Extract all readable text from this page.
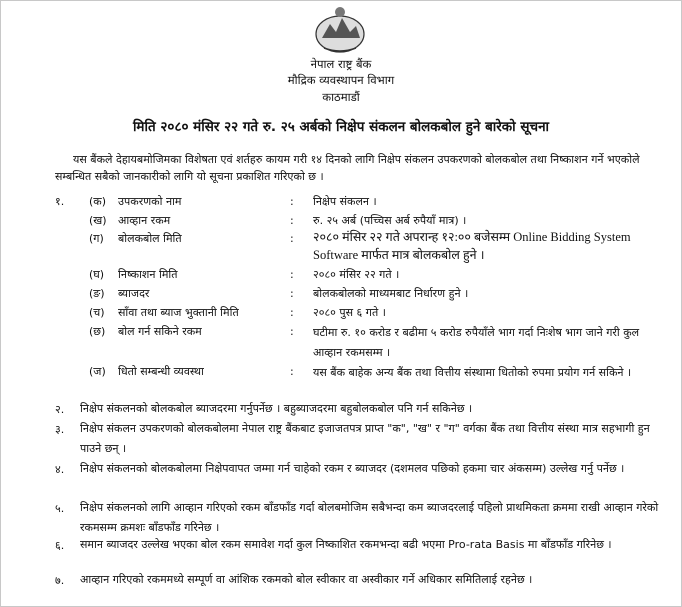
नेपाल राष्ट्र बैंक
मौद्रिक व्यवस्थापन विभाग
काठमाडौं
मिति २०८० मंसिर २२ गते रु. २५ अर्बको निक्षेप संकलन बोलकबोल हुने बारेको सूचना
यस बैंकले देहायबमोजिमका विशेषता एवं शर्तहरु कायम गरी १४ दिनको लागि निक्षेप संकलन उपकरणको बोलकबोल तथा निष्काशन गर्ने भएकोले सम्बन्धित सबैको जानकारीको लागि यो सूचना प्रकाशित गरिएको छ ।
१. (क) उपकरणको नाम	: निक्षेप संकलन ।
(ख) आव्हान रकम	: रु. २५ अर्ब (पच्चिस अर्ब रुपैयाँ मात्र) ।
(ग) बोलकबोल मिति	: २०८० मंसिर २२ गते अपरान्ह १२:०० बजेसम्म Online Bidding System Software मार्फत मात्र बोलकबोल हुने ।
(घ) निष्काशन मिति	: २०८० मंसिर २२ गते ।
(ङ) ब्याजदर	: बोलकबोलको माध्यमबाट निर्धारण हुने ।
(च) साँवा तथा ब्याज भुक्तानी मिति	: २०८० पुस ६ गते ।
(छ) बोल गर्न सकिने रकम	: घटीमा रु. १० करोड र बढीमा ५ करोड रुपैयाँले भाग गर्दा निःशेष भाग जाने गरी कुल आव्हान रकमसम्म ।
(ज) धितो सम्बन्धी व्यवस्था	: यस बैंक बाहेक अन्य बैंक तथा वित्तीय संस्थामा धितोको रुपमा प्रयोग गर्न सकिने ।
२. निक्षेप संकलनको बोलकबोल ब्याजदरमा गर्नुपर्नेछ । बहुब्याजदरमा बहुबोलकबोल पनि गर्न सकिनेछ ।
३. निक्षेप संकलन उपकरणको बोलकबोलमा नेपाल राष्ट्र बैंकबाट इजाजतपत्र प्राप्त "क", "ख" र "ग" वर्गका बैंक तथा वित्तीय संस्था मात्र सहभागी हुन पाउने छन् ।
४. निक्षेप संकलनको बोलकबोलमा निक्षेपवापत जम्मा गर्न चाहेको रकम र ब्याजदर (दशमलव पछिको हकमा चार अंकसम्म) उल्लेख गर्नु पर्नेछ ।
५. निक्षेप संकलनको लागि आव्हान गरिएको रकम बाँडफाँड गर्दा बोलबमोजिम सबैभन्दा कम ब्याजदरलाई पहिलो प्राथमिकता क्रममा राखी आव्हान गरेको रकमसम्म क्रमशः बाँडफाँड गरिनेछ ।
६. समान ब्याजदर उल्लेख भएका बोल रकम समावेश गर्दा कुल निष्काशित रकमभन्दा बढी भएमा Pro-rata Basis मा बाँडफाँड गरिनेछ ।
७. आव्हान गरिएको रकममध्ये सम्पूर्ण वा आंशिक रकमको बोल स्वीकार वा अस्वीकार गर्ने अधिकार समितिलाई रहनेछ ।
